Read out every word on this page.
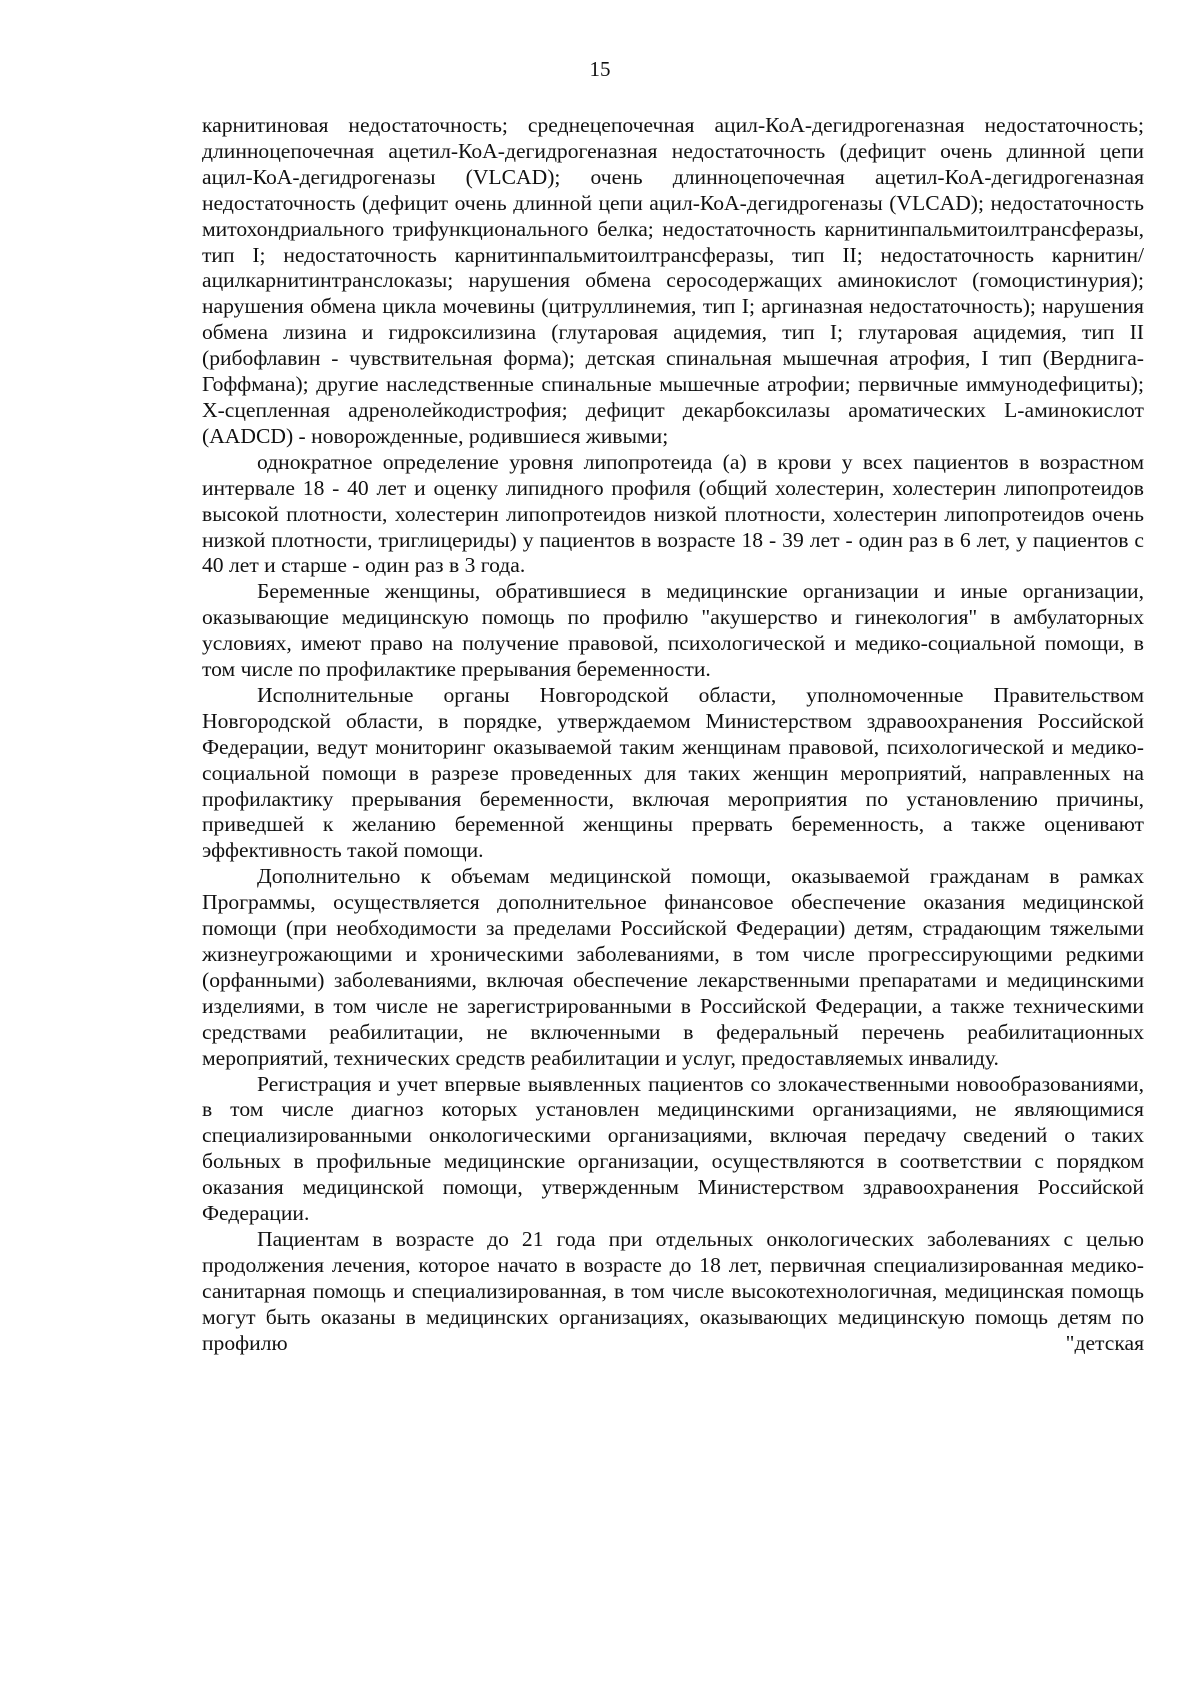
15

карнитиновая недостаточность; среднецепочечная ацил-КоА-дегидрогеназная недостаточность; длинноцепочечная ацетил-КоА-дегидрогеназная недостаточность (дефицит очень длинной цепи ацил-КоА-дегидрогеназы (VLCAD); очень длинноцепочечная ацетил-КоА-дегидрогеназная недостаточность (дефицит очень длинной цепи ацил-КоА-дегидрогеназы (VLCAD); недостаточность митохондриального трифункционального белка; недостаточность карнитинпальмитоилтрансферазы, тип I; недостаточность карнитинпальмитоилтрансферазы, тип II; недостаточность карнитин/ацилкарнитинтранслоказы; нарушения обмена серосодержащих аминокислот (гомоцистинурия); нарушения обмена цикла мочевины (цитруллинемия, тип I; аргиназная недостаточность); нарушения обмена лизина и гидроксилизина (глутаровая ацидемия, тип I; глутаровая ацидемия, тип II (рибофлавин - чувствительная форма); детская спинальная мышечная атрофия, I тип (Верднига-Гоффмана); другие наследственные спинальные мышечные атрофии; первичные иммунодефициты); Х-сцепленная адренолейкодистрофия; дефицит декарбоксилазы ароматических L-аминокислот (AADCD) - новорожденные, родившиеся живыми;

однократное определение уровня липопротеида (а) в крови у всех пациентов в возрастном интервале 18 - 40 лет и оценку липидного профиля (общий холестерин, холестерин липопротеидов высокой плотности, холестерин липопротеидов низкой плотности, холестерин липопротеидов очень низкой плотности, триглицериды) у пациентов в возрасте 18 - 39 лет - один раз в 6 лет, у пациентов с 40 лет и старше - один раз в 3 года.

Беременные женщины, обратившиеся в медицинские организации и иные организации, оказывающие медицинскую помощь по профилю "акушерство и гинекология" в амбулаторных условиях, имеют право на получение правовой, психологической и медико-социальной помощи, в том числе по профилактике прерывания беременности.

Исполнительные органы Новгородской области, уполномоченные Правительством Новгородской области, в порядке, утверждаемом Министерством здравоохранения Российской Федерации, ведут мониторинг оказываемой таким женщинам правовой, психологической и медико-социальной помощи в разрезе проведенных для таких женщин мероприятий, направленных на профилактику прерывания беременности, включая мероприятия по установлению причины, приведшей к желанию беременной женщины прервать беременность, а также оценивают эффективность такой помощи.

Дополнительно к объемам медицинской помощи, оказываемой гражданам в рамках Программы, осуществляется дополнительное финансовое обеспечение оказания медицинской помощи (при необходимости за пределами Российской Федерации) детям, страдающим тяжелыми жизнеугрожающими и хроническими заболеваниями, в том числе прогрессирующими редкими (орфанными) заболеваниями, включая обеспечение лекарственными препаратами и медицинскими изделиями, в том числе не зарегистрированными в Российской Федерации, а также техническими средствами реабилитации, не включенными в федеральный перечень реабилитационных мероприятий, технических средств реабилитации и услуг, предоставляемых инвалиду.

Регистрация и учет впервые выявленных пациентов со злокачественными новообразованиями, в том числе диагноз которых установлен медицинскими организациями, не являющимися специализированными онкологическими организациями, включая передачу сведений о таких больных в профильные медицинские организации, осуществляются в соответствии с порядком оказания медицинской помощи, утвержденным Министерством здравоохранения Российской Федерации.

Пациентам в возрасте до 21 года при отдельных онкологических заболеваниях с целью продолжения лечения, которое начато в возрасте до 18 лет, первичная специализированная медико-санитарная помощь и специализированная, в том числе высокотехнологичная, медицинская помощь могут быть оказаны в медицинских организациях, оказывающих медицинскую помощь детям по профилю "детская
